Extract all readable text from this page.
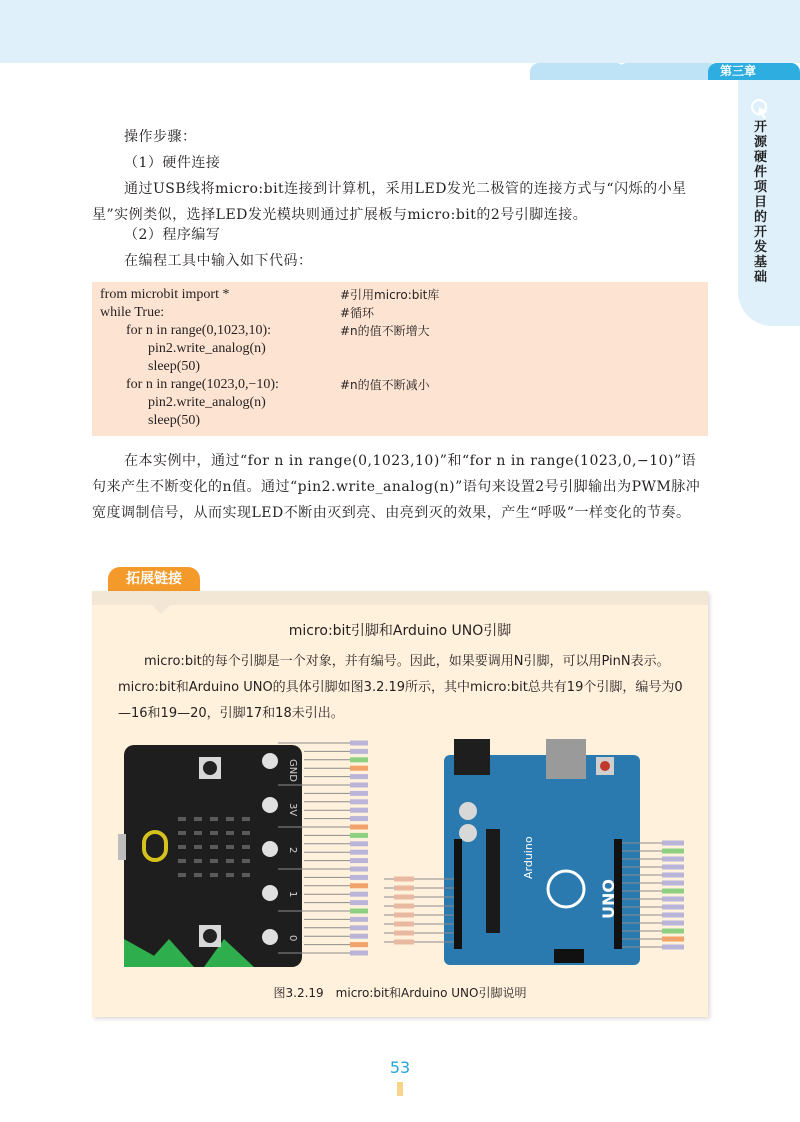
第三章
开源硬件项目的开发基础
操作步骤：
（1）硬件连接
通过USB线将micro:bit连接到计算机，采用LED发光二极管的连接方式与“闪烁的小星星”实例类似，选择LED发光模块则通过扩展板与micro:bit的2号引脚连接。
（2）程序编写
在编程工具中输入如下代码：
from microbit import *
while True:
for n in range(0,1023,10):
pin2.write_analog(n)
sleep(50)
for n in range(1023,0,−10):
pin2.write_analog(n)
sleep(50)
#引用micro:bit库
#循环
#n的值不断增大
#n的值不断减小
在本实例中，通过“for n in range(0,1023,10)”和“for n in range(1023,0,−10)”语句来产生不断变化的n值。通过“pin2.write_analog(n)”语句来设置2号引脚输出为PWM脉冲宽度调制信号，从而实现LED不断由灭到亮、由亮到灭的效果，产生“呼吸”一样变化的节奏。
拓展链接
micro:bit引脚和Arduino UNO引脚
micro:bit的每个引脚是一个对象，并有编号。因此，如果要调用N引脚，可以用PinN表示。micro:bit和Arduino UNO的具体引脚如图3.2.19所示，其中micro:bit总共有19个引脚，编号为0—16和19—20，引脚17和18未引出。
GND
3V
2
1
0
UNO
Arduino
图3.2.19　micro:bit和Arduino UNO引脚说明
53
